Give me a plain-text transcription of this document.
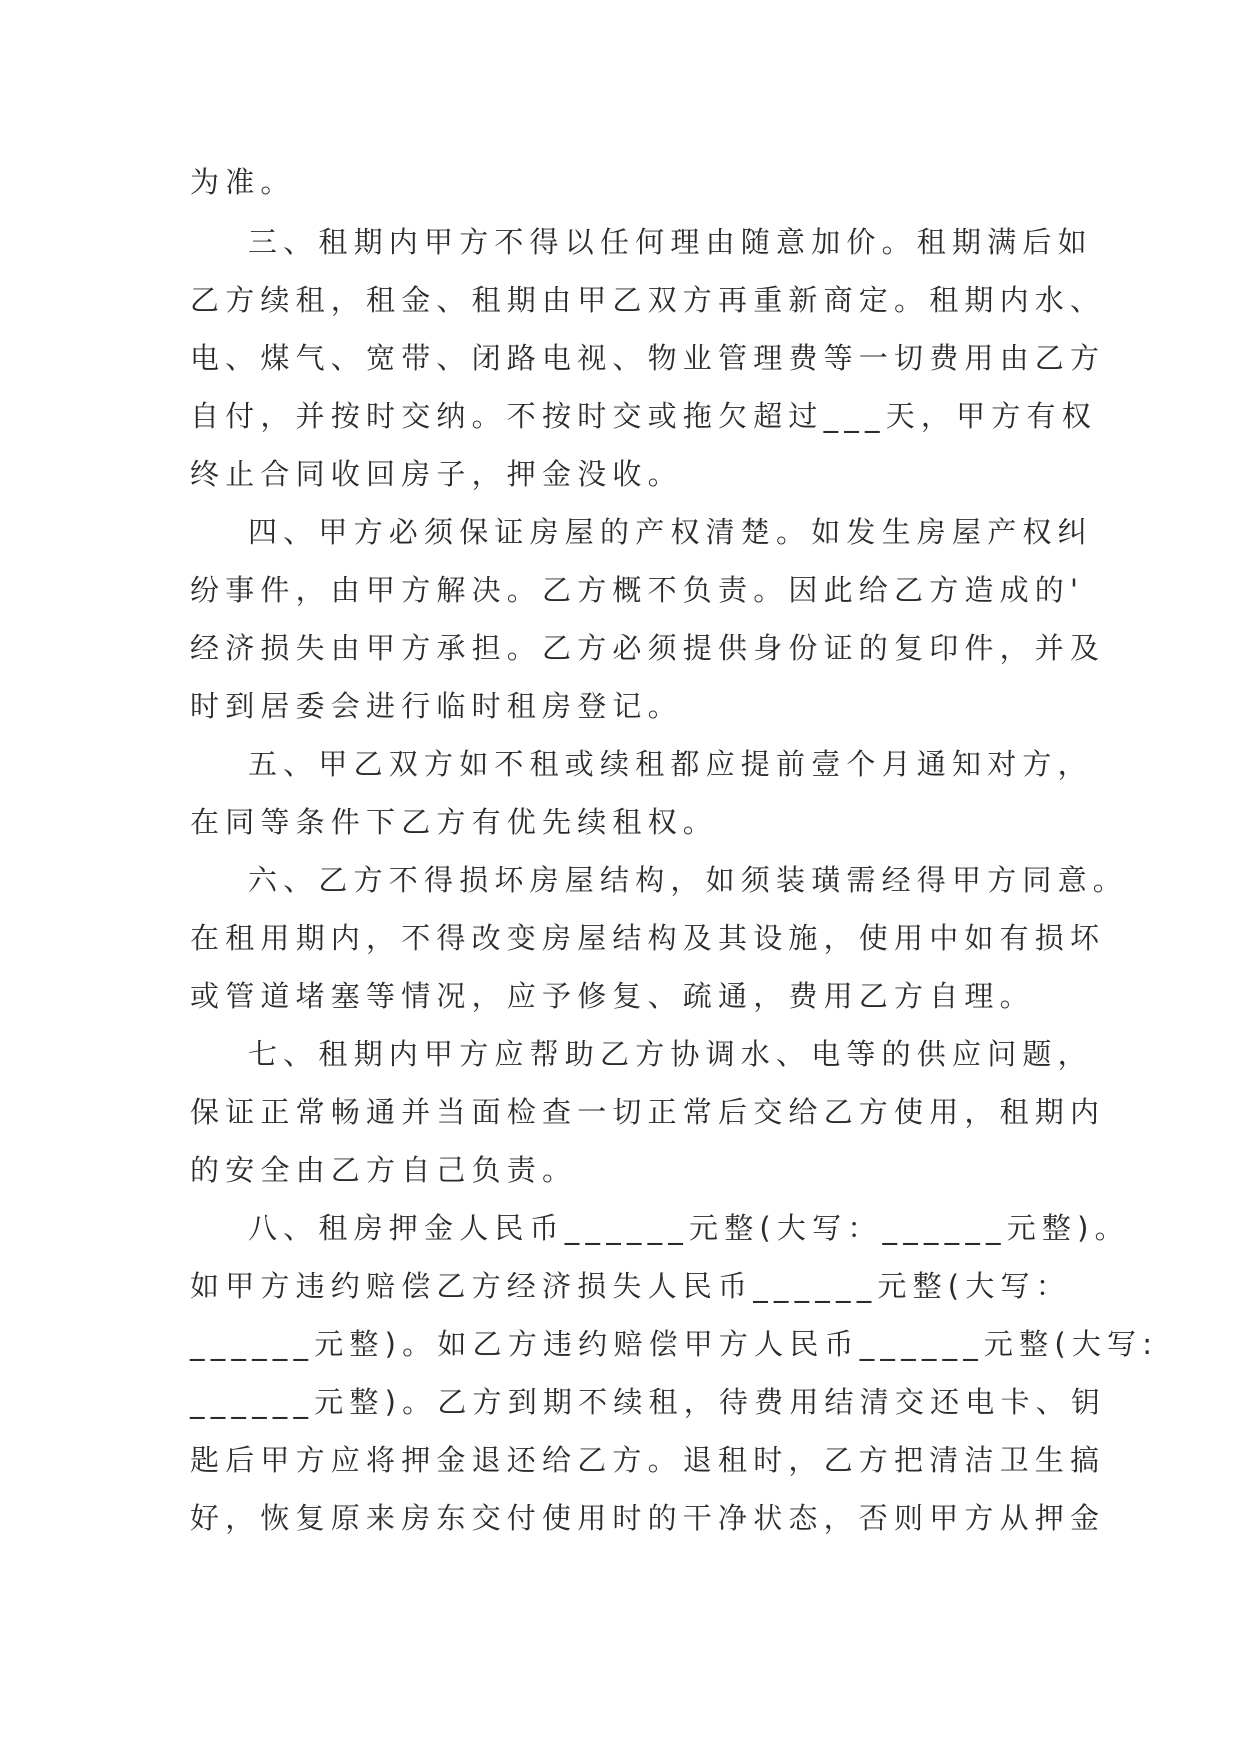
为准。

三、租期内甲方不得以任何理由随意加价。租期满后如

乙方续租，租金、租期由甲乙双方再重新商定。租期内水、

电、煤气、宽带、闭路电视、物业管理费等一切费用由乙方

自付，并按时交纳。不按时交或拖欠超过___天，甲方有权

终止合同收回房子，押金没收。

四、甲方必须保证房屋的产权清楚。如发生房屋产权纠

纷事件，由甲方解决。乙方概不负责。因此给乙方造成的'

经济损失由甲方承担。乙方必须提供身份证的复印件，并及

时到居委会进行临时租房登记。

五、甲乙双方如不租或续租都应提前壹个月通知对方，

在同等条件下乙方有优先续租权。

六、乙方不得损坏房屋结构，如须装璜需经得甲方同意。

在租用期内，不得改变房屋结构及其设施，使用中如有损坏

或管道堵塞等情况，应予修复、疏通，费用乙方自理。

七、租期内甲方应帮助乙方协调水、电等的供应问题，

保证正常畅通并当面检查一切正常后交给乙方使用，租期内

的安全由乙方自己负责。

八、租房押金人民币______元整(大写：______元整)。

如甲方违约赔偿乙方经济损失人民币______元整(大写：

______元整)。如乙方违约赔偿甲方人民币______元整(大写:

______元整)。乙方到期不续租，待费用结清交还电卡、钥

匙后甲方应将押金退还给乙方。退租时，乙方把清洁卫生搞

好，恢复原来房东交付使用时的干净状态，否则甲方从押金
